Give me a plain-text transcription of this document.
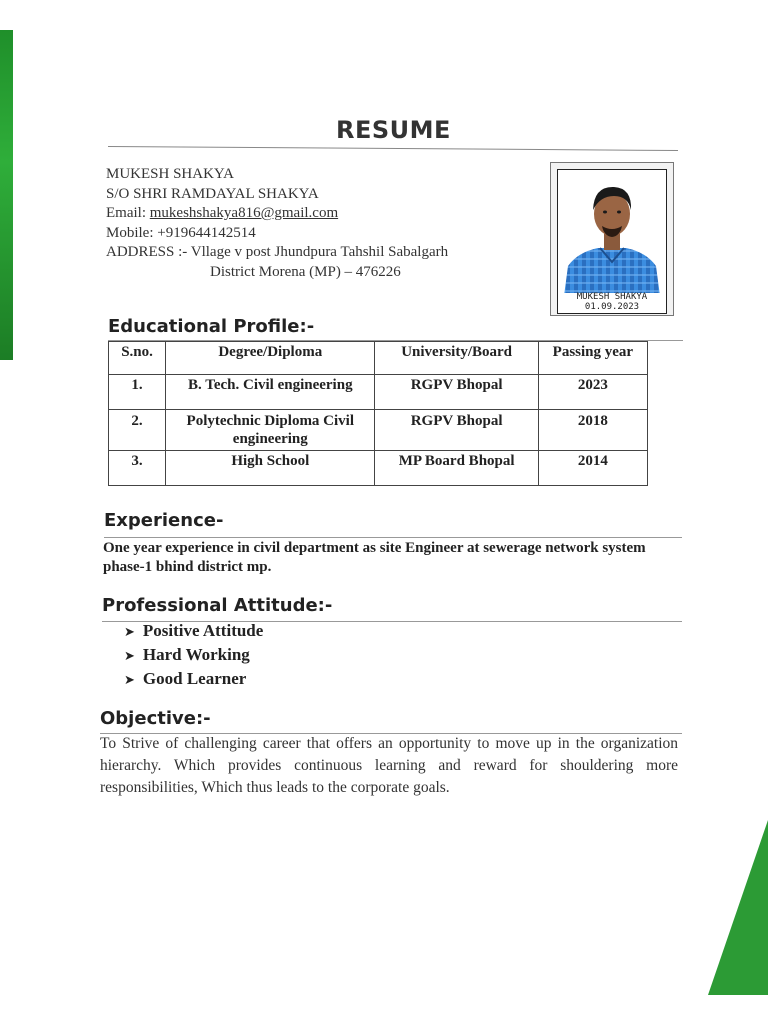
RESUME
MUKESH SHAKYA
S/O SHRI RAMDAYAL SHAKYA
Email: mukeshshakya816@gmail.com
Mobile: +919644142514
ADDRESS :- Vllage v post Jhundpura Tahshil Sabalgarh
District Morena (MP) – 476226
MUKESH SHAKYA
01.09.2023
Educational Profile:-
S.no.	Degree/Diploma	University/Board	Passing year
1.	B. Tech. Civil engineering	RGPV Bhopal	2023
2.	Polytechnic Diploma Civil engineering	RGPV Bhopal	2018
3.	High School	MP Board Bhopal	2014
Experience-
One year experience in civil department as site Engineer at sewerage network system phase-1 bhind district mp.
Professional Attitude:-
➤ Positive Attitude
➤ Hard Working
➤ Good Learner
Objective:-
To Strive of challenging career that offers an opportunity to move up in the organization hierarchy. Which provides continuous learning and reward for shouldering more responsibilities, Which thus leads to the corporate goals.
